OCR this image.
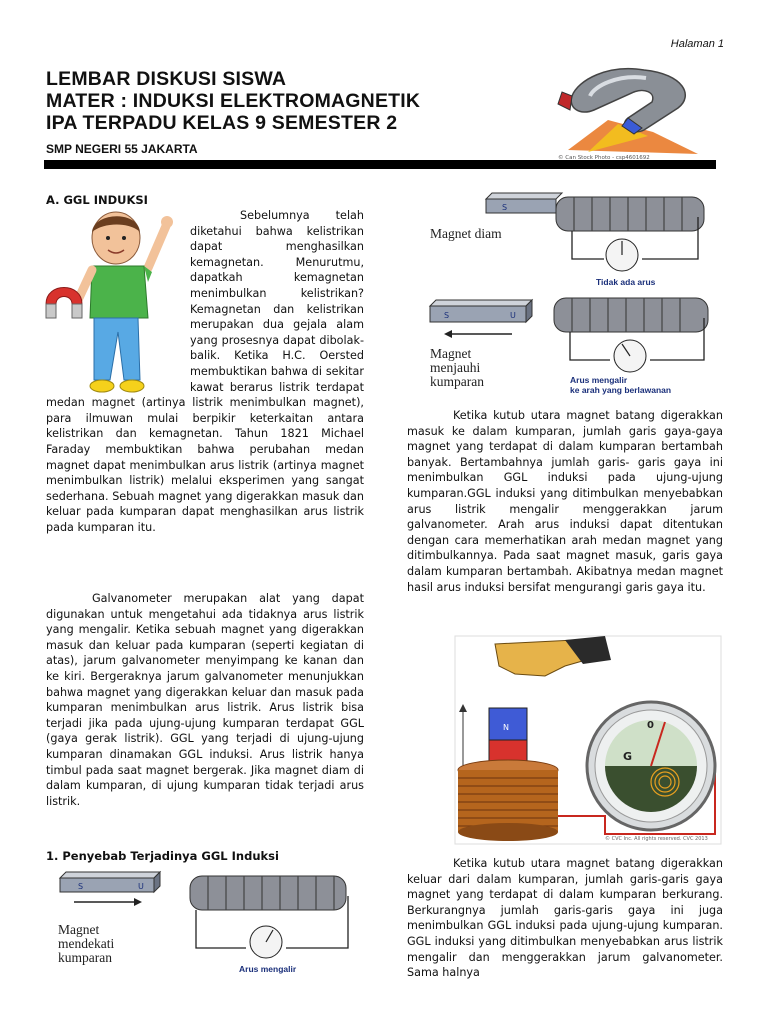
Halaman 1
LEMBAR DISKUSI SISWA
MATER : INDUKSI ELEKTROMAGNETIK
IPA TERPADU KELAS 9 SEMESTER 2
SMP NEGERI 55 JAKARTA
© Can Stock Photo - csp4601692
A. GGL INDUKSI
Sebelumnya telah diketahui bahwa kelistrikan dapat menghasilkan kemagnetan. Menurutmu, dapatkah kemagnetan menimbulkan kelistrikan? Kemagnetan dan kelistrikan merupakan dua gejala alam yang prosesnya dapat dibolak-balik. Ketika H.C. Oersted membuktikan bahwa di sekitar kawat berarus listrik terdapat medan magnet (artinya listrik menimbulkan magnet), para ilmuwan mulai berpikir keterkaitan antara kelistrikan dan kemagnetan. Tahun 1821 Michael Faraday membuktikan bahwa perubahan medan magnet dapat menimbulkan arus listrik (artinya magnet menimbulkan listrik) melalui eksperimen yang sangat sederhana. Sebuah magnet yang digerakkan masuk dan keluar pada kumparan dapat menghasilkan arus listrik pada kumparan itu.
Galvanometer merupakan alat yang dapat digunakan untuk mengetahui ada tidaknya arus listrik yang mengalir. Ketika sebuah magnet yang digerakkan masuk dan keluar pada kumparan (seperti kegiatan di atas), jarum galvanometer menyimpang ke kanan dan ke kiri. Bergeraknya jarum galvanometer menunjukkan bahwa magnet yang digerakkan keluar dan masuk pada kumparan menimbulkan arus listrik. Arus listrik bisa terjadi jika pada ujung-ujung kumparan terdapat GGL (gaya gerak listrik). GGL yang terjadi di ujung-ujung kumparan dinamakan GGL induksi. Arus listrik hanya timbul pada saat magnet bergerak. Jika magnet diam di dalam kumparan, di ujung kumparan tidak terjadi arus listrik.
1. Penyebab Terjadinya GGL Induksi
S	U
Arus mengalir
Magnet
mendekati
kumparan
S
Tidak ada arus
Magnet diam
S	U
Arus mengalir
ke arah yang berlawanan
Magnet
menjauhi
kumparan
Ketika kutub utara magnet batang digerakkan masuk ke dalam kumparan, jumlah garis gaya-gaya magnet yang terdapat di dalam kumparan bertambah banyak. Bertambahnya jumlah garis- garis gaya ini menimbulkan GGL induksi pada ujung-ujung kumparan.GGL induksi yang ditimbulkan menyebabkan arus listrik mengalir menggerakkan jarum galvanometer. Arah arus induksi dapat ditentukan dengan cara memerhatikan arah medan magnet yang ditimbulkannya. Pada saat magnet masuk, garis gaya dalam kumparan bertambah. Akibatnya medan magnet hasil arus induksi bersifat mengurangi garis gaya itu.
N	0
G
© CVC Inc. All rights reserved. CVC 2013
Ketika kutub utara magnet batang digerakkan keluar dari dalam kumparan, jumlah garis-garis gaya magnet yang terdapat di dalam kumparan berkurang. Berkurangnya jumlah garis-garis gaya ini juga menimbulkan GGL induksi pada ujung-ujung kumparan. GGL induksi yang ditimbulkan menyebabkan arus listrik mengalir dan menggerakkan jarum galvanometer. Sama halnya
